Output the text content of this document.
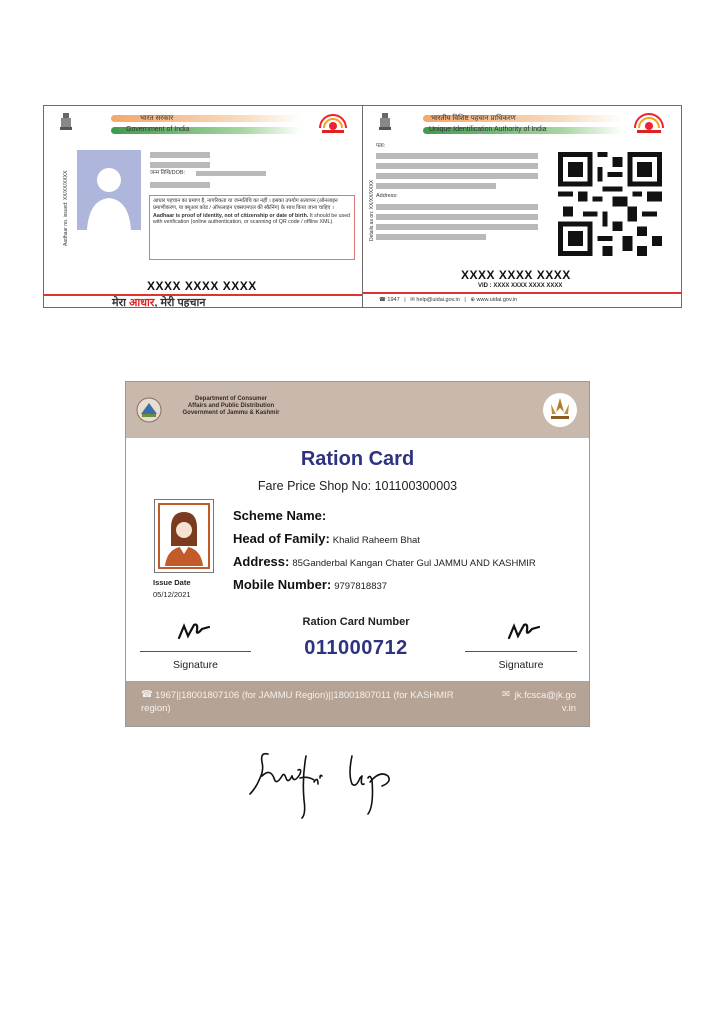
भारत सरकार
Government of India
Aadhaar no. issued: XX/XX/XXXX	जन्म तिथि/DOB:
आधार पहचान का प्रमाण है, नागरिकता या जन्मतिथि का नहीं । इसका उपयोग सत्यापन (ऑनलाइन प्रमाणीकरण, या क्यूआर कोड / ऑफलाइन एक्सएमएल की स्कैनिंग) के साथ किया जाना चाहिए ।
Aadhaar is proof of identity, not of citizenship or date of birth. It should be used with verification (online authentication, or scanning of QR code / offline XML).
XXXX XXXX XXXX
मेरा आधार, मेरी पहचान
भारतीय विशिष्ट पहचान प्राधिकरण
Unique Identification Authority of India
Details as on: XX/XX/XXXX
पता:
Address:
XXXX XXXX XXXX
VID : XXXX XXXX XXXX XXXX
☎ 1947   |   ✉ help@uidai.gov.in   |   ⊕ www.uidai.gov.in
Department of Consumer
Affairs and Public Distribution
Government of Jammu & Kashmir
Ration Card
Fare Price Shop No: 101100300003
Issue Date
05/12/2021
Scheme Name:
Head of Family: Khalid Raheem Bhat
Address: 85Ganderbal Kangan Chater Gul JAMMU AND KASHMIR
Mobile Number: 9797818837
Signature
Ration Card Number
011000712
Signature
☎ 1967||18001807106 (for JAMMU Region)||18001807011 (for KASHMIR region)
✉ jk.fcsca@jk.gov.in
